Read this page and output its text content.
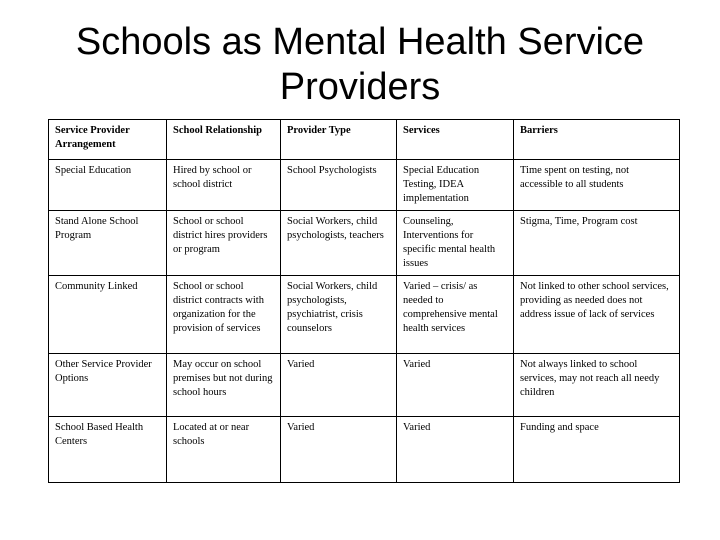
Schools as Mental Health Service Providers
Service Provider Arrangement	School Relationship	Provider Type	Services	Barriers
Special Education	Hired by school or school district	School Psychologists	Special Education Testing, IDEA implementation	Time spent on testing, not accessible to all students
Stand Alone School Program	School or school district hires providers or program	Social Workers, child psychologists, teachers	Counseling, Interventions for specific mental health issues	Stigma, Time, Program cost
Community Linked	School or school district contracts with organization for the provision of services	Social Workers, child psychologists, psychiatrist, crisis counselors	Varied – crisis/ as needed to comprehensive mental health services	Not linked to other school services, providing as needed does not address issue of lack of services
Other Service Provider Options	May occur on school premises but not during school hours	Varied	Varied	Not always linked to school services, may not reach all needy children
School Based Health Centers	Located at or near schools	Varied	Varied	Funding and space
